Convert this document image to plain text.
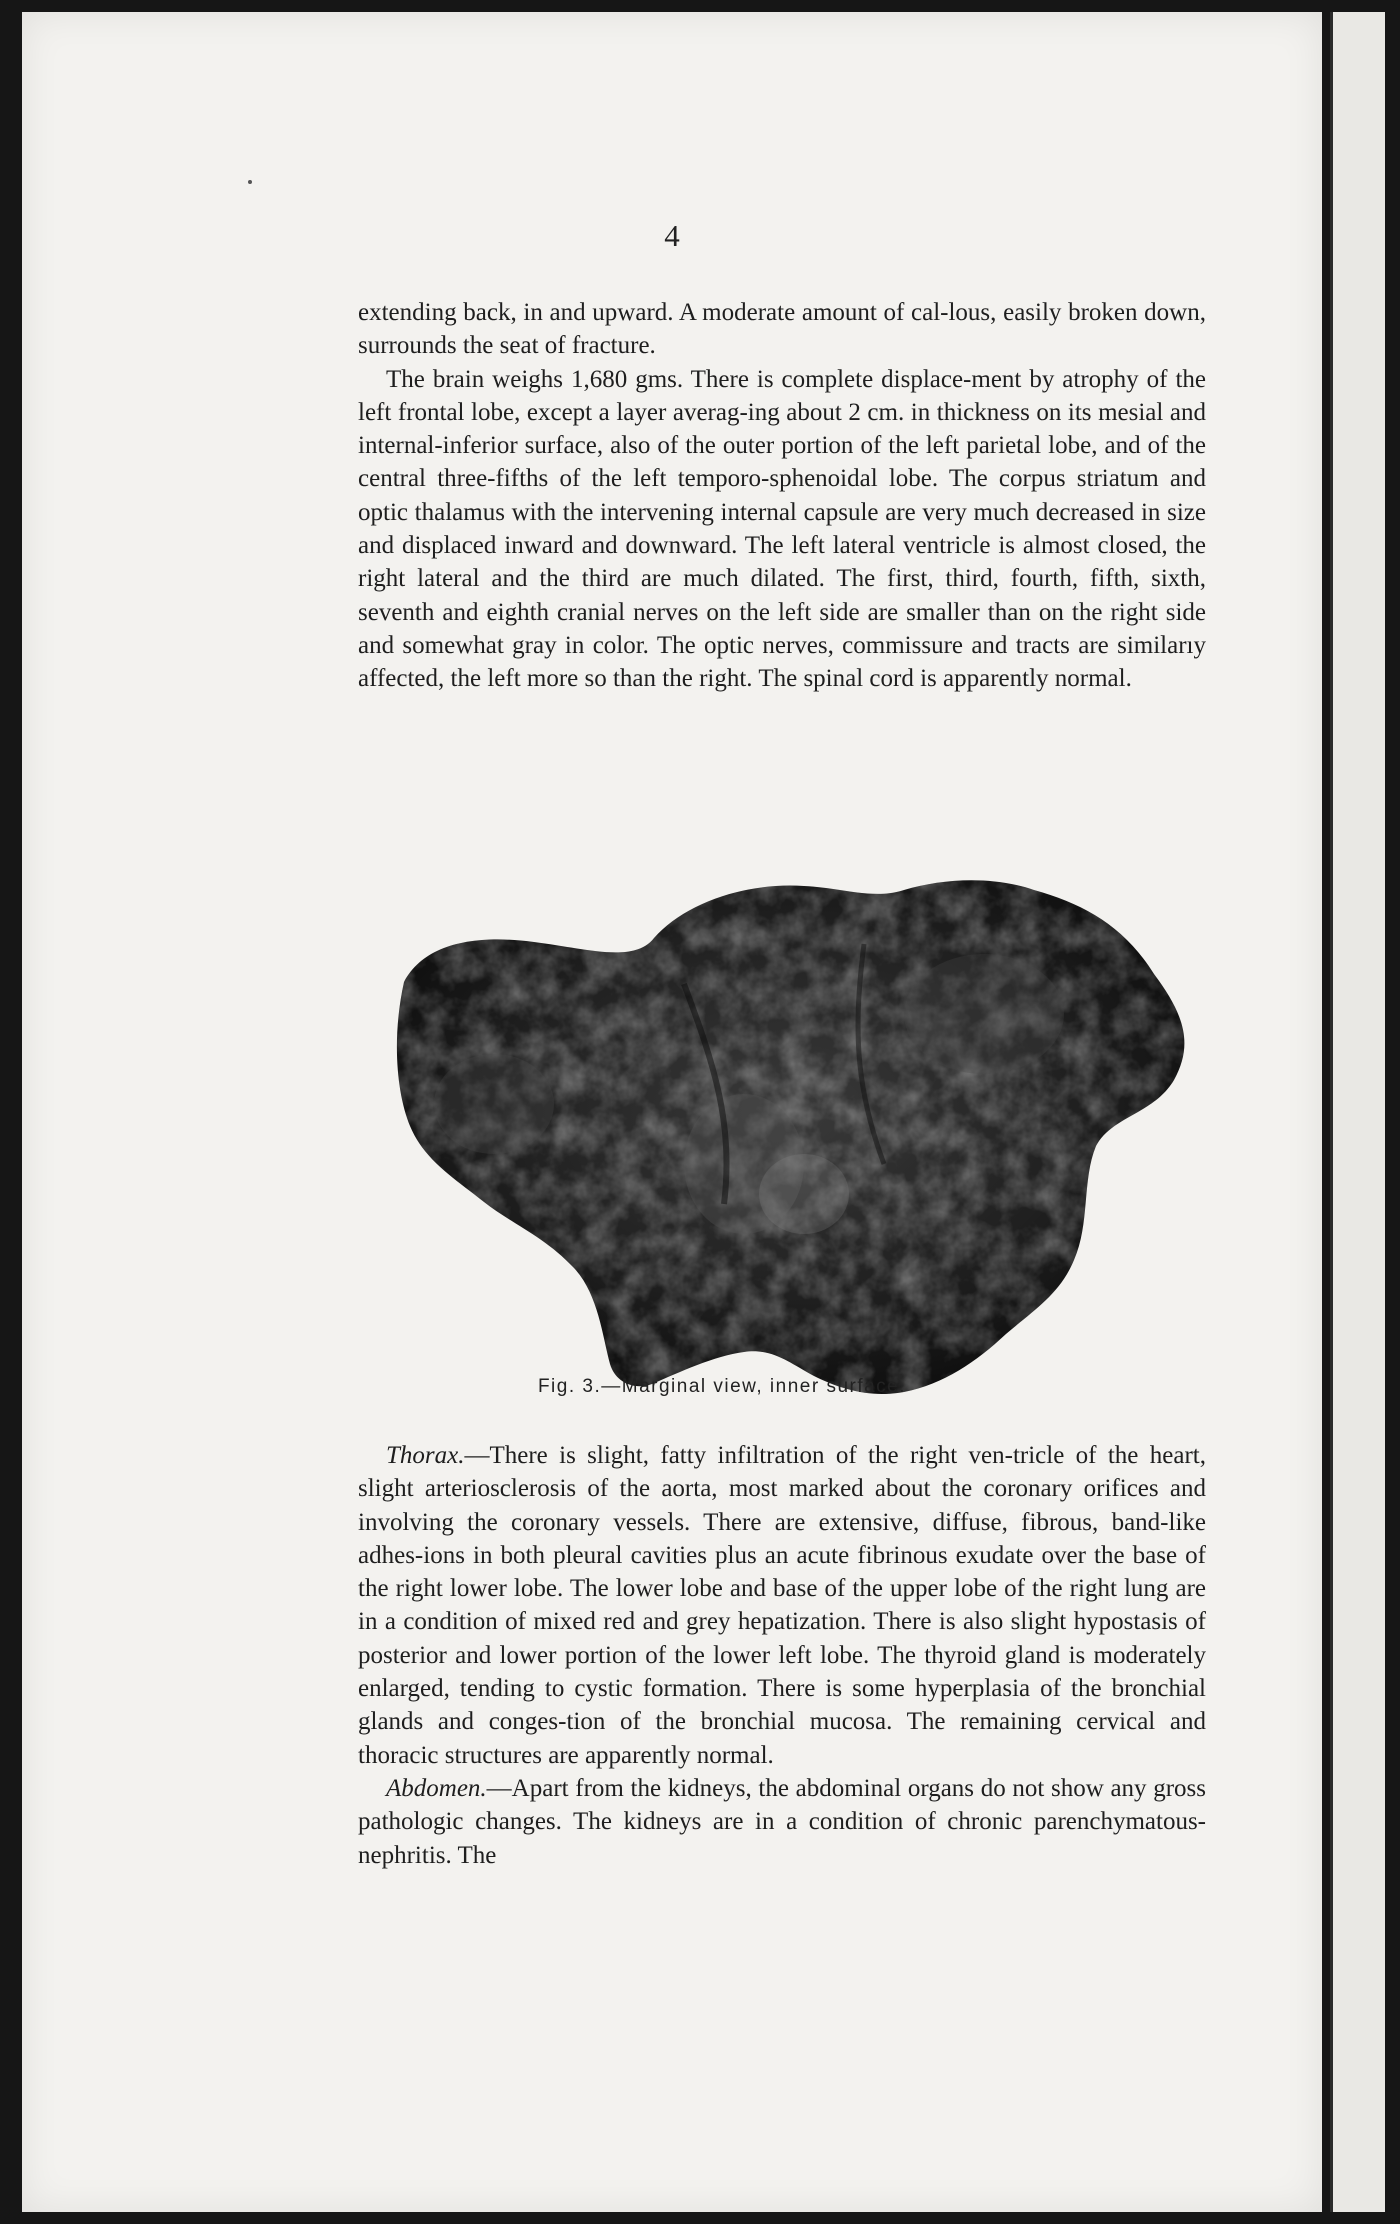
4

extending back, in and upward. A moderate amount of cal-lous, easily broken down, surrounds the seat of fracture.

The brain weighs 1,680 gms. There is complete displace-ment by atrophy of the left frontal lobe, except a layer averag-ing about 2 cm. in thickness on its mesial and internal-inferior surface, also of the outer portion of the left parietal lobe, and of the central three-fifths of the left temporo-sphenoidal lobe. The corpus striatum and optic thalamus with the intervening internal capsule are very much decreased in size and displaced inward and downward. The left lateral ventricle is almost closed, the right lateral and the third are much dilated. The first, third, fourth, fifth, sixth, seventh and eighth cranial nerves on the left side are smaller than on the right side and somewhat gray in color. The optic nerves, commissure and tracts are similarıy affected, the left more so than the right. The spinal cord is apparently normal.

Fig. 3.—Marginal view, inner surface.

Thorax.—There is slight, fatty infiltration of the right ven-tricle of the heart, slight arteriosclerosis of the aorta, most marked about the coronary orifices and involving the coronary vessels. There are extensive, diffuse, fibrous, band-like adhes-ions in both pleural cavities plus an acute fibrinous exudate over the base of the right lower lobe. The lower lobe and base of the upper lobe of the right lung are in a condition of mixed red and grey hepatization. There is also slight hypostasis of posterior and lower portion of the lower left lobe. The thyroid gland is moderately enlarged, tending to cystic formation. There is some hyperplasia of the bronchial glands and conges-tion of the bronchial mucosa. The remaining cervical and thoracic structures are apparently normal.

Abdomen.—Apart from the kidneys, the abdominal organs do not show any gross pathologic changes. The kidneys are in a condition of chronic parenchymatous-nephritis. The
